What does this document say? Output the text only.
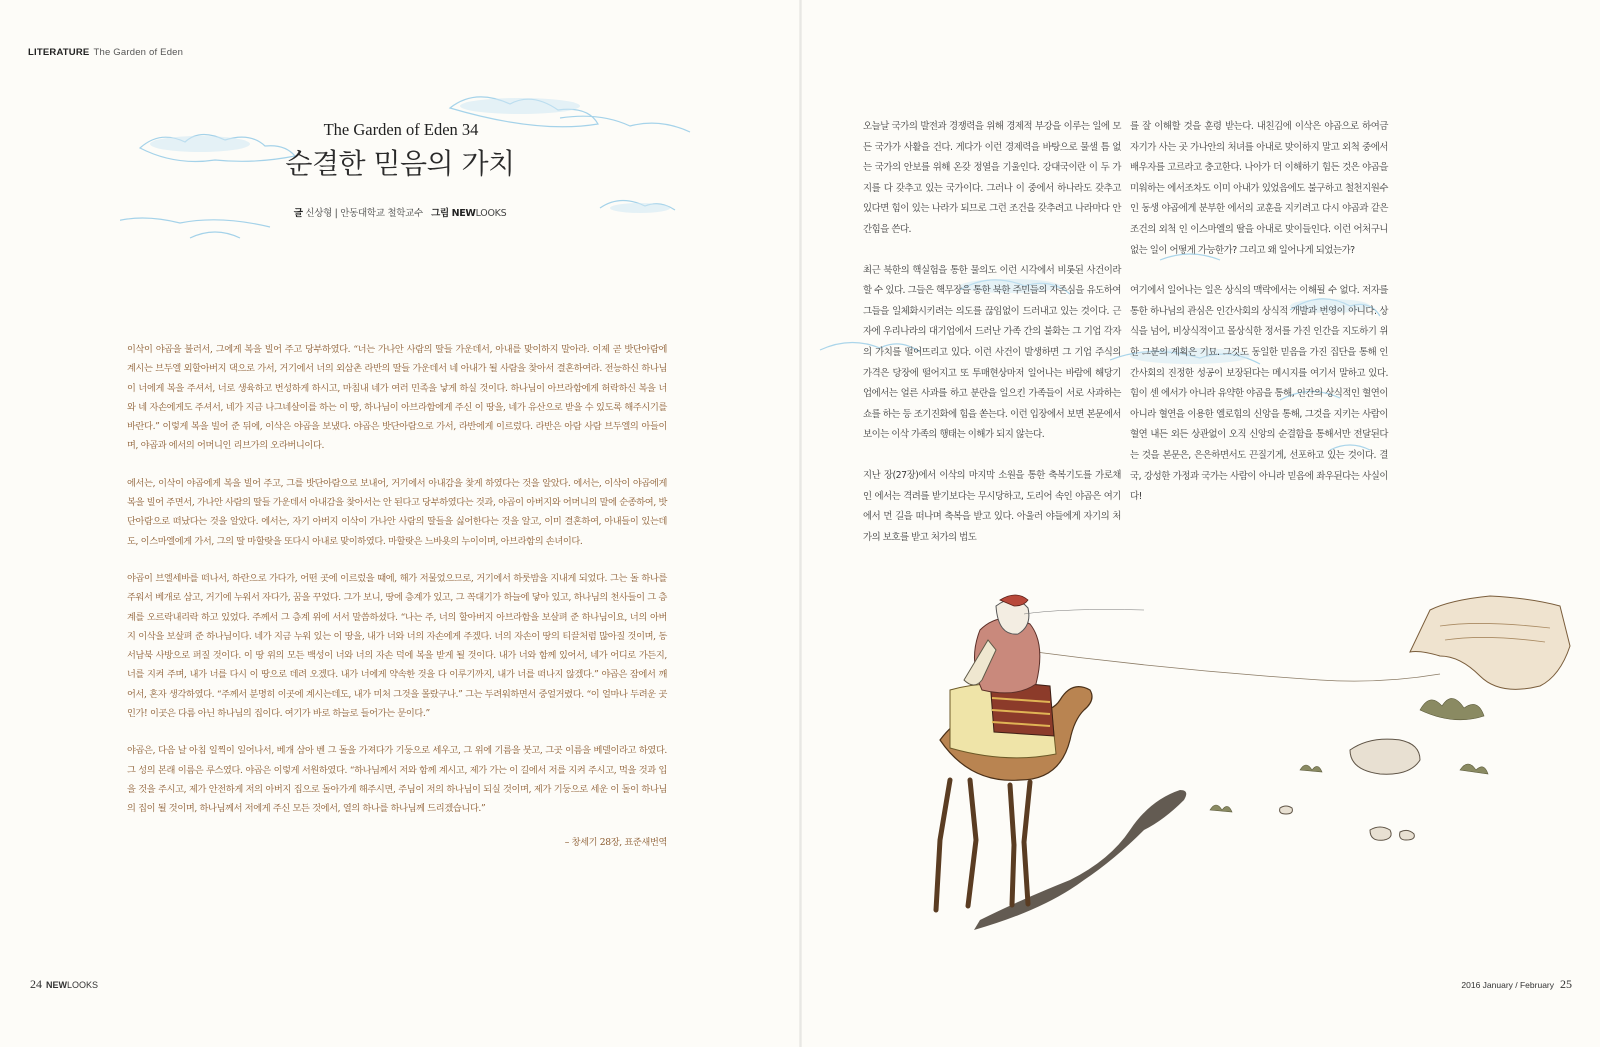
LITERATURE The Garden of Eden
The Garden of Eden 34
순결한 믿음의 가치
글 신상형 | 안동대학교 철학교수 그림 NEWLOOKS

이삭이 야곱을 불러서, 그에게 복을 빌어 주고 당부하였다. “너는 가나안 사람의 딸들 가운데서, 아내를 맞이하지 말아라. 이제 곧 밧단아람에 계시는 브두엘 외할아버지 댁으로 가서, 거기에서 너의 외삼촌 라반의 딸들 가운데서 네 아내가 될 사람을 찾아서 결혼하여라. 전능하신 하나님이 너에게 복을 주셔서, 너로 생육하고 번성하게 하시고, 마침내 네가 여러 민족을 낳게 하실 것이다. 하나님이 아브라함에게 허락하신 복을 너와 네 자손에게도 주셔서, 네가 지금 나그네살이를 하는 이 땅, 하나님이 아브라함에게 주신 이 땅을, 네가 유산으로 받을 수 있도록 해주시기를 바란다.” 이렇게 복을 빌어 준 뒤에, 이삭은 야곱을 보냈다. 야곱은 밧단아람으로 가서, 라반에게 이르렀다. 라반은 아람 사람 브두엘의 아들이며, 야곱과 에서의 어머니인 리브가의 오라버니이다.

에서는, 이삭이 야곱에게 복을 빌어 주고, 그를 밧단아람으로 보내어, 거기에서 아내감을 찾게 하였다는 것을 알았다. 에서는, 이삭이 야곱에게 복을 빌어 주면서, 가나안 사람의 딸들 가운데서 아내감을 찾아서는 안 된다고 당부하였다는 것과, 야곱이 아버지와 어머니의 말에 순종하여, 밧단아람으로 떠났다는 것을 알았다. 에서는, 자기 아버지 이삭이 가나안 사람의 딸들을 싫어한다는 것을 알고, 이미 결혼하여, 아내들이 있는데도, 이스마엘에게 가서, 그의 딸 마할랏을 또다시 아내로 맞이하였다. 마할랏은 느바욧의 누이이며, 아브라함의 손녀이다.

야곱이 브엘세바를 떠나서, 하란으로 가다가, 어떤 곳에 이르렀을 때에, 해가 저물었으므로, 거기에서 하룻밤을 지내게 되었다. 그는 돌 하나를 주워서 베개로 삼고, 거기에 누워서 자다가, 꿈을 꾸었다. 그가 보니, 땅에 층계가 있고, 그 꼭대기가 하늘에 닿아 있고, 하나님의 천사들이 그 층계를 오르락내리락 하고 있었다. 주께서 그 층계 위에 서서 말씀하셨다. “나는 주, 너의 할아버지 아브라함을 보살펴 준 하나님이요, 너의 아버지 이삭을 보살펴 준 하나님이다. 네가 지금 누워 있는 이 땅을, 내가 너와 너의 자손에게 주겠다. 너의 자손이 땅의 티끌처럼 많아질 것이며, 동서남북 사방으로 퍼질 것이다. 이 땅 위의 모든 백성이 너와 너의 자손 덕에 복을 받게 될 것이다. 내가 너와 함께 있어서, 네가 어디로 가든지, 너를 지켜 주며, 내가 너를 다시 이 땅으로 데려 오겠다. 내가 너에게 약속한 것을 다 이루기까지, 내가 너를 떠나지 않겠다.” 야곱은 잠에서 깨어서, 혼자 생각하였다. “주께서 분명히 이곳에 계시는데도, 내가 미처 그것을 몰랐구나.” 그는 두려워하면서 중얼거렸다. “이 얼마나 두려운 곳인가! 이곳은 다름 아닌 하나님의 집이다. 여기가 바로 하늘로 들어가는 문이다.”

야곱은, 다음 날 아침 일찍이 일어나서, 베개 삼아 벤 그 돌을 가져다가 기둥으로 세우고, 그 위에 기름을 붓고, 그곳 이름을 베델이라고 하였다. 그 성의 본래 이름은 루스였다. 야곱은 이렇게 서원하였다. “하나님께서 저와 함께 계시고, 제가 가는 이 길에서 저를 지켜 주시고, 먹을 것과 입을 것을 주시고, 제가 안전하게 저의 아버지 집으로 돌아가게 해주시면, 주님이 저의 하나님이 되실 것이며, 제가 기둥으로 세운 이 돌이 하나님의 집이 될 것이며, 하나님께서 저에게 주신 모든 것에서, 열의 하나를 하나님께 드리겠습니다.”

– 창세기 28장, 표준새번역

오늘날 국가의 발전과 경쟁력을 위해 경제적 부강을 이루는 일에 모든 국가가 사활을 건다. 게다가 이런 경제력을 바탕으로 물샐 틈 없는 국가의 안보를 위해 온갖 정열을 기울인다. 강대국이란 이 두 가지를 다 갖추고 있는 국가이다. 그러나 이 중에서 하나라도 갖추고 있다면 힘이 있는 나라가 되므로 그런 조건을 갖추려고 나라마다 안간힘을 쓴다.

최근 북한의 핵실험을 통한 물의도 이런 시각에서 비롯된 사건이라 할 수 있다. 그들은 핵무장을 통한 북한 주민들의 자존심을 유도하여 그들을 일체화시키려는 의도를 끊임없이 드러내고 있는 것이다. 근자에 우리나라의 대기업에서 드러난 가족 간의 불화는 그 기업 각자의 가치를 떨어뜨리고 있다. 이런 사건이 발생하면 그 기업 주식의 가격은 당장에 떨어지고 또 투매현상마저 일어나는 바람에 해당기업에서는 얼른 사과를 하고 분란을 일으킨 가족들이 서로 사과하는 쇼를 하는 등 조기진화에 힘을 쏟는다. 이런 입장에서 보면 본문에서 보이는 이삭 가족의 행태는 이해가 되지 않는다.

지난 장(27장)에서 이삭의 마지막 소원을 통한 축복기도를 가로채인 에서는 격려를 받기보다는 무시당하고, 도리어 속인 야곱은 여기에서 먼 길을 떠나며 축복을 받고 있다. 아울러 야들에게 자기의 처가의 보호를 받고 처가의 법도

를 잘 이해할 것을 훈령 받는다. 내친김에 이삭은 야곱으로 하여금 자기가 사는 곳 가나안의 처녀를 아내로 맞이하지 말고 외척 중에서 배우자를 고르라고 충고한다. 나아가 더 이해하기 힘든 것은 야곱을 미워하는 에서조차도 이미 아내가 있었음에도 불구하고 철천지원수인 동생 야곱에게 분부한 에서의 교훈을 지키려고 다시 야곱과 같은 조건의 외척 인 이스마엘의 딸을 아내로 맞이들인다. 이런 어처구니없는 일이 어떻게 가능한가? 그리고 왜 일어나게 되었는가?

여기에서 일어나는 일은 상식의 맥락에서는 이해될 수 없다. 저자를 통한 하나님의 관심은 인간사회의 상식적 개발과 번영이 아니다. 상식을 넘어, 비상식적이고 몰상식한 정서를 가진 인간을 지도하기 위한 그분의 계획은 기묘. 그것도 동일한 믿음을 가진 집단을 통해 인간사회의 진정한 성공이 보장된다는 메시지를 여기서 말하고 있다. 힘이 센 에서가 아니라 유약한 야곱을 통해, 인간의 상식적인 혈연이 아니라 혈연을 이용한 엘로힘의 신앙을 통해, 그것을 지키는 사람이 혈연 내든 외든 상관없이 오직 신앙의 순결함을 통해서만 전달된다는 것을 본문은, 은은하면서도 끈질기게, 선포하고 있는 것이다. 결국, 강성한 가정과 국가는 사람이 아니라 믿음에 좌우된다는 사실이다!

24 NEWLOOKS	2016 January / February 25
